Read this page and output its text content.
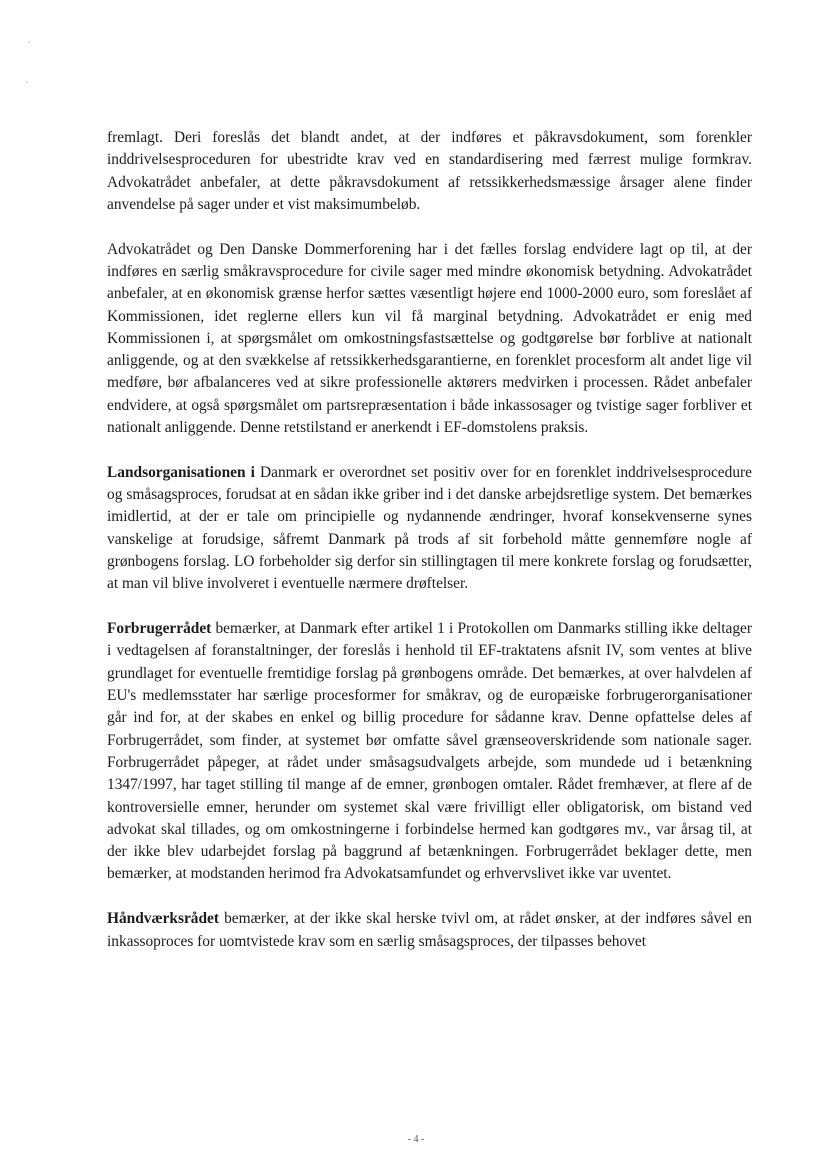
fremlagt. Deri foreslås det blandt andet, at der indføres et påkravsdokument, som forenkler inddrivelsesproceduren for ubestridte krav ved en standardisering med færrest mulige formkrav. Advokatrådet anbefaler, at dette påkravsdokument af retssikkerhedsmæssige årsager alene finder anvendelse på sager under et vist maksimumbeløb.

Advokatrådet og Den Danske Dommerforening har i det fælles forslag endvidere lagt op til, at der indføres en særlig småkravsprocedure for civile sager med mindre økonomisk betydning. Advokatrådet anbefaler, at en økonomisk grænse herfor sættes væsentligt højere end 1000-2000 euro, som foreslået af Kommissionen, idet reglerne ellers kun vil få marginal betydning. Advokatrådet er enig med Kommissionen i, at spørgsmålet om omkostningsfastsættelse og godtgørelse bør forblive at nationalt anliggende, og at den svækkelse af retssikkerhedsgarantierne, en forenklet procesform alt andet lige vil medføre, bør afbalanceres ved at sikre professionelle aktørers medvirken i processen. Rådet anbefaler endvidere, at også spørgsmålet om partsrepræsentation i både inkassosager og tvistige sager forbliver et nationalt anliggende. Denne retstilstand er anerkendt i EF-domstolens praksis.

Landsorganisationen i Danmark er overordnet set positiv over for en forenklet inddrivelsesprocedure og småsagsproces, forudsat at en sådan ikke griber ind i det danske arbejdsretlige system. Det bemærkes imidlertid, at der er tale om principielle og nydannende ændringer, hvoraf konsekvenserne synes vanskelige at forudsige, såfremt Danmark på trods af sit forbehold måtte gennemføre nogle af grønbogens forslag. LO forbeholder sig derfor sin stillingtagen til mere konkrete forslag og forudsætter, at man vil blive involveret i eventuelle nærmere drøftelser.

Forbrugerrådet bemærker, at Danmark efter artikel 1 i Protokollen om Danmarks stilling ikke deltager i vedtagelsen af foranstaltninger, der foreslås i henhold til EF-traktatens afsnit IV, som ventes at blive grundlaget for eventuelle fremtidige forslag på grønbogens område. Det bemærkes, at over halvdelen af EU's medlemsstater har særlige procesformer for småkrav, og de europæiske forbrugerorganisationer går ind for, at der skabes en enkel og billig procedure for sådanne krav. Denne opfattelse deles af Forbrugerrådet, som finder, at systemet bør omfatte såvel grænseoverskridende som nationale sager. Forbrugerrådet påpeger, at rådet under småsagsudvalgets arbejde, som mundede ud i betænkning 1347/1997, har taget stilling til mange af de emner, grønbogen omtaler. Rådet fremhæver, at flere af de kontroversielle emner, herunder om systemet skal være frivilligt eller obligatorisk, om bistand ved advokat skal tillades, og om omkostningerne i forbindelse hermed kan godtgøres mv., var årsag til, at der ikke blev udarbejdet forslag på baggrund af betænkningen. Forbrugerrådet beklager dette, men bemærker, at modstanden herimod fra Advokatsamfundet og erhvervslivet ikke var uventet.

Håndværksrådet bemærker, at der ikke skal herske tvivl om, at rådet ønsker, at der indføres såvel en inkassoproces for uomtvistede krav som en særlig småsagsproces, der tilpasses behovet

- 4 -
